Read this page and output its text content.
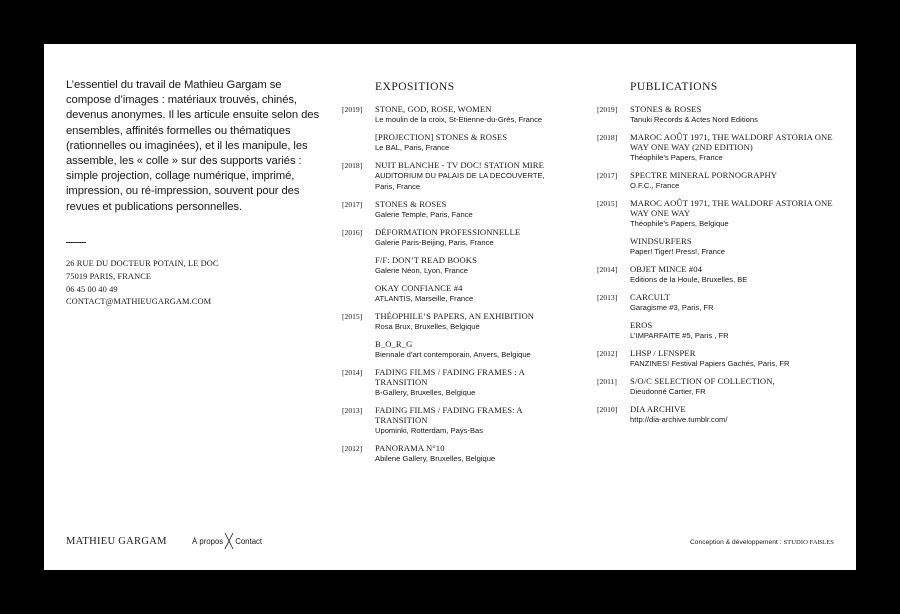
L’essentiel du travail de Mathieu Gargam se compose d’images : matériaux trouvés, chinés, devenus anonymes. Il les articule ensuite selon des ensembles, affinités formelles ou thématiques (rationnelles ou imaginées), et il les manipule, les assemble, les « colle » sur des supports variés : simple projection, collage numérique, imprimé, impression, ou ré-impression, souvent pour des revues et publications personnelles.

26 RUE DU DOCTEUR POTAIN, LE DOC
75019 PARIS, FRANCE
06 45 00 40 49
CONTACT@MATHIEUGARGAM.COM
EXPOSITIONS
[2019]	STONE, GOD, ROSE, WOMEN
Le moulin de la croix, St-Etienne-du-Grès, France
[PROJECTION] STONES & ROSES
Le BAL, Paris, France
[2018]	NUIT BLANCHE - TV DOC! STATION MIRE
AUDITORIUM DU PALAIS DE LA DECOUVERTE, Paris, France
[2017]	STONES & ROSES
Galerie Temple, Paris, Fance
[2016]	DÉFORMATION PROFESSIONNELLE
Galerie Paris-Beijing, Paris, France
F/F: DON’T READ BOOKS
Galerie Néon, Lyon, France
OKAY CONFIANCE #4
ATLANTIS, Marseille, France
[2015]	THÉOPHILE’S PAPERS, AN EXHIBITION
Rosa Brux, Bruxelles, Belgique
B_O_R_G
Biennale d’art contemporain, Anvers, Belgique
[2014]	FADING FILMS / FADING FRAMES : A TRANSITION
B-Gallery, Bruxelles, Belgique
[2013]	FADING FILMS / FADING FRAMES: A TRANSITION
Upominki, Rotterdam, Pays-Bas
[2012]	PANORAMA N°10
Abilene Gallery, Bruxelles, Belgique
PUBLICATIONS
[2019]	STONES & ROSES
Tanuki Records & Actes Nord Editions
[2018]	MAROC AOÛT 1971, THE WALDORF ASTORIA ONE WAY ONE WAY (2ND EDITION)
Théophile’s Papers, France
[2017]	SPECTRE MINERAL PORNOGRAPHY
O.F.C., France
[2015]	MAROC AOÛT 1971, THE WALDORF ASTORIA ONE WAY ONE WAY
Théophile’s Papers, Belgique
WINDSURFERS
Paper! Tiger! Press!, France
[2014]	OBJET MINCE #04
Editions de la Houle, Bruxelles, BE
[2013]	CARCULT
Garagisme #3, Paris, FR
EROS
L’IMPARFAITE #5, Paris , FR
[2012]	LHSP / LFNSPER
FANZINES! Festival Papiers Gachés, Paris, FR
[2011]	S/O/C SELECTION OF COLLECTION,
Dieudonné Cartier, FR
[2010]	DIA ARCHIVE
http://dia-archive.tumblr.com/
MATHIEU GARGAM	À propos Contact	Conception & développement : STUDIO FABLES
